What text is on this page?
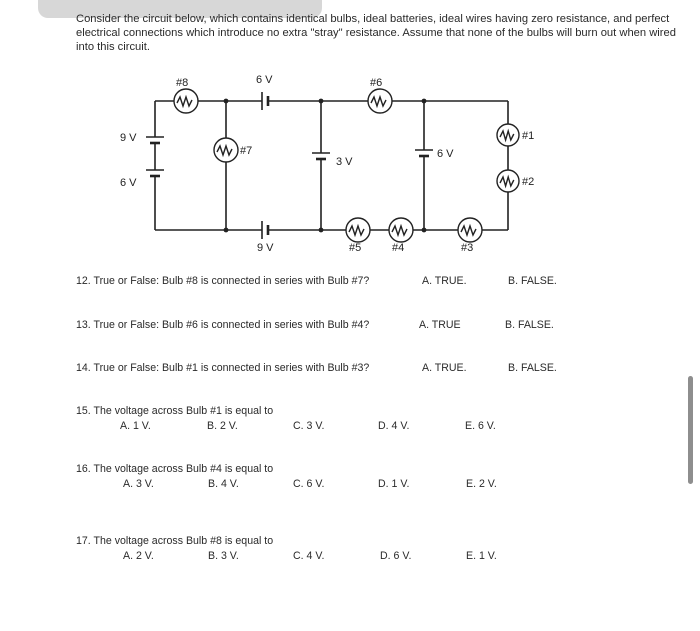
Consider the circuit below, which contains identical bulbs, ideal batteries, ideal wires having zero resistance, and perfect electrical connections which introduce no extra "stray" resistance. Assume that none of the bulbs will burn out when wired into this circuit.
#8	#6
#7
#1
#2
#5	#4	#3
6 V
9 V
6 V
3 V
6 V
9 V
12. True or False: Bulb #8 is connected in series with Bulb #7?	A. TRUE.	B. FALSE.
13. True or False: Bulb #6 is connected in series with Bulb #4?	A. TRUE	B. FALSE.
14. True or False: Bulb #1 is connected in series with Bulb #3?	A. TRUE.	B. FALSE.
15. The voltage across Bulb #1 is equal to
A. 1 V.	B. 2 V.	C. 3 V.	D. 4 V.	E. 6 V.
16. The voltage across Bulb #4 is equal to
A. 3 V.	B. 4 V.	C. 6 V.	D. 1 V.	E. 2 V.
17. The voltage across Bulb #8 is equal to
A. 2 V.	B. 3 V.	C. 4 V.	D. 6 V.	E. 1 V.
